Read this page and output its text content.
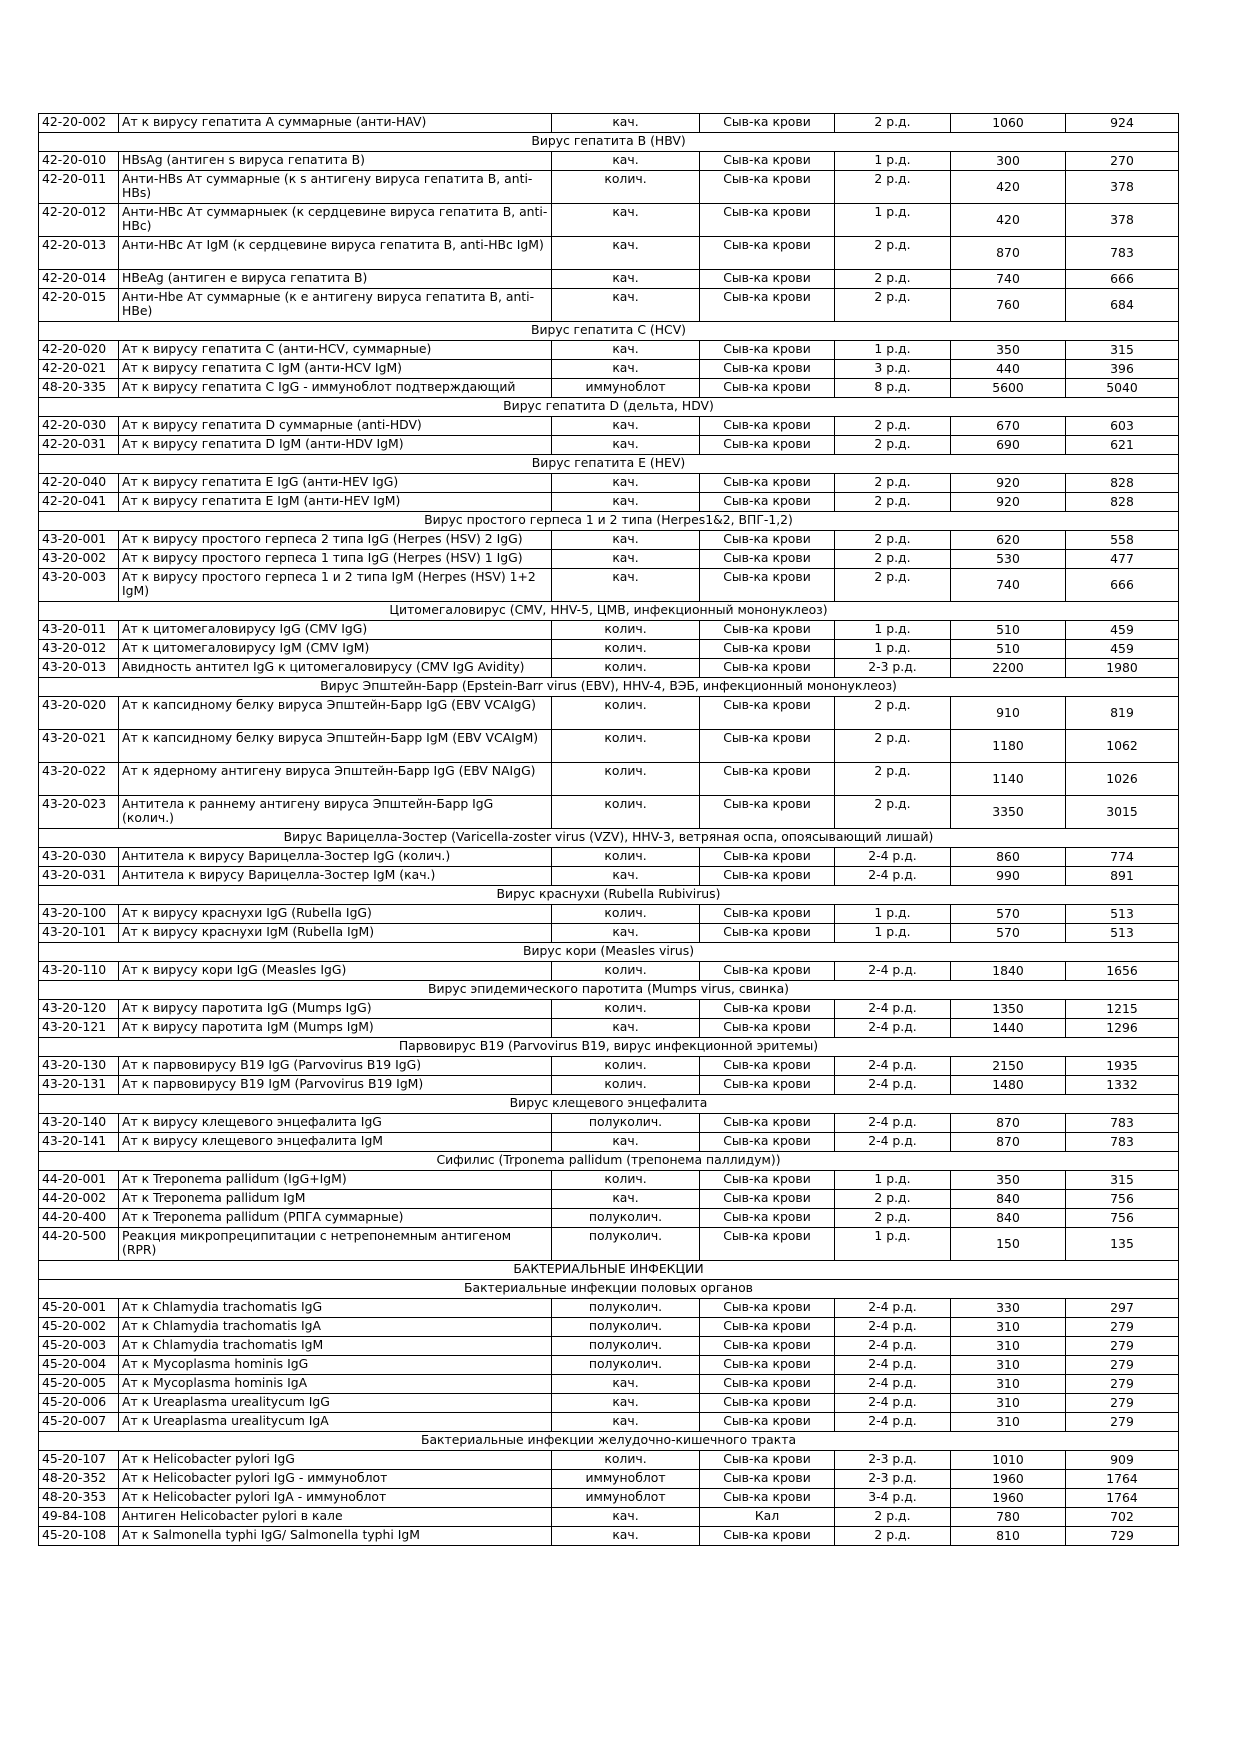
42-20-002	Ат к вирусу гепатита А суммарные (анти-HAV)	кач.	Сыв-ка крови	2 р.д.	1060	924
Вирус гепатита В (HBV)						
42-20-010	HBsAg (антиген s вируса гепатита В)	кач.	Сыв-ка крови	1 р.д.	300	270
42-20-011	Анти-HBs Ат суммарные (к s антигену вируса гепатита В, anti-HBs)	колич.	Сыв-ка крови	2 р.д.	420	378
42-20-012	Анти-HBc Ат суммарныек (к сердцевине вируса гепатита В, anti-HBc)	кач.	Сыв-ка крови	1 р.д.	420	378
42-20-013	Анти-HBc Ат IgM (к сердцевине вируса гепатита В, anti-HBc IgM)	кач.	Сыв-ка крови	2 р.д.	870	783
42-20-014	HBeAg (антиген е вируса гепатита В)	кач.	Сыв-ка крови	2 р.д.	740	666
42-20-015	Анти-Hbe Ат суммарные (к е антигену вируса гепатита В, anti-HBe)	кач.	Сыв-ка крови	2 р.д.	760	684
Вирус гепатита С (HCV)						
42-20-020	Ат к вирусу гепатита С (анти-HCV, суммарные)	кач.	Сыв-ка крови	1 р.д.	350	315
42-20-021	Ат к вирусу гепатита С IgM (анти-HCV IgM)	кач.	Сыв-ка крови	3 р.д.	440	396
48-20-335	Ат к вирусу гепатита С IgG - иммуноблот подтверждающий	иммуноблот	Сыв-ка крови	8 р.д.	5600	5040
Вирус гепатита D (дельта, HDV)						
42-20-030	Ат к вирусу гепатита D суммарные (anti-HDV)	кач.	Сыв-ка крови	2 р.д.	670	603
42-20-031	Ат к вирусу гепатита D IgM (анти-HDV IgM)	кач.	Сыв-ка крови	2 р.д.	690	621
Вирус гепатита Е (HEV)						
42-20-040	Ат к вирусу гепатита Е IgG (анти-HEV IgG)	кач.	Сыв-ка крови	2 р.д.	920	828
42-20-041	Ат к вирусу гепатита Е IgM (анти-HEV IgM)	кач.	Сыв-ка крови	2 р.д.	920	828
Вирус простого герпеса 1 и 2 типа (Herpes1&2, ВПГ-1,2)						
43-20-001	Ат к вирусу простого герпеса 2 типа IgG (Herpes (HSV) 2 IgG)	кач.	Сыв-ка крови	2 р.д.	620	558
43-20-002	Ат к вирусу простого герпеса 1 типа IgG (Herpes (HSV) 1 IgG)	кач.	Сыв-ка крови	2 р.д.	530	477
43-20-003	Ат к вирусу простого герпеса 1 и 2 типа IgM (Herpes (HSV) 1+2 IgM)	кач.	Сыв-ка крови	2 р.д.	740	666
Цитомегаловирус (CMV, HHV-5, ЦМВ, инфекционный мононуклеоз)						
43-20-011	Ат к цитомегаловирусу IgG (CMV IgG)	колич.	Сыв-ка крови	1 р.д.	510	459
43-20-012	Ат к цитомегаловирусу IgM (CMV IgM)	колич.	Сыв-ка крови	1 р.д.	510	459
43-20-013	Авидность антител IgG к цитомегаловирусу (CMV IgG Avidity)	колич.	Сыв-ка крови	2-3 р.д.	2200	1980
Вирус Эпштейн-Барр (Epstein-Barr virus (EBV), HHV-4, ВЭБ, инфекционный мононуклеоз)						
43-20-020	Ат к капсидному белку вируса Эпштейн-Барр IgG (EBV VCAIgG)	колич.	Сыв-ка крови	2 р.д.	910	819
43-20-021	Ат к капсидному белку вируса Эпштейн-Барр IgM (EBV VCAIgM)	колич.	Сыв-ка крови	2 р.д.	1180	1062
43-20-022	Ат к ядерному антигену вируса Эпштейн-Барр IgG (EBV NAIgG)	колич.	Сыв-ка крови	2 р.д.	1140	1026
43-20-023	Антитела к раннему антигену вируса Эпштейн-Барр IgG (колич.)	колич.	Сыв-ка крови	2 р.д.	3350	3015
Вирус Варицелла-Зостер (Varicella-zoster virus (VZV), HHV-3, ветряная оспа, опоясывающий лишай)						
43-20-030	Антитела к вирусу Варицелла-Зостер IgG (колич.)	колич.	Сыв-ка крови	2-4 р.д.	860	774
43-20-031	Антитела к вирусу Варицелла-Зостер IgM (кач.)	кач.	Сыв-ка крови	2-4 р.д.	990	891
Вирус краснухи (Rubella Rubivirus)						
43-20-100	Ат к вирусу краснухи IgG (Rubella IgG)	колич.	Сыв-ка крови	1 р.д.	570	513
43-20-101	Ат к вирусу краснухи IgM (Rubella IgM)	кач.	Сыв-ка крови	1 р.д.	570	513
Вирус кори (Measles virus)						
43-20-110	Ат к вирусу кори IgG (Measles IgG)	колич.	Сыв-ка крови	2-4 р.д.	1840	1656
Вирус эпидемического паротита (Mumps virus, свинка)						
43-20-120	Ат к вирусу паротита IgG (Mumps IgG)	колич.	Сыв-ка крови	2-4 р.д.	1350	1215
43-20-121	Ат к вирусу паротита IgM (Mumps IgM)	кач.	Сыв-ка крови	2-4 р.д.	1440	1296
Парвовирус В19 (Parvovirus B19, вирус инфекционной эритемы)						
43-20-130	Ат к парвовирусу В19 IgG (Parvovirus B19 IgG)	колич.	Сыв-ка крови	2-4 р.д.	2150	1935
43-20-131	Ат к парвовирусу В19 IgM (Parvovirus B19 IgM)	колич.	Сыв-ка крови	2-4 р.д.	1480	1332
Вирус клещевого энцефалита						
43-20-140	Ат к вирусу клещевого энцефалита IgG	полуколич.	Сыв-ка крови	2-4 р.д.	870	783
43-20-141	Ат к вирусу клещевого энцефалита IgM	кач.	Сыв-ка крови	2-4 р.д.	870	783
Сифилис (Trponema pallidum (трепонема паллидум))						
44-20-001	Ат к Treponema pallidum (IgG+IgM)	колич.	Сыв-ка крови	1 р.д.	350	315
44-20-002	Ат к Treponema pallidum IgM	кач.	Сыв-ка крови	2 р.д.	840	756
44-20-400	Ат к Treponema pallidum (РПГА суммарные)	полуколич.	Сыв-ка крови	2 р.д.	840	756
44-20-500	Реакция микропреципитации с нетрепонемным антигеном (RPR)	полуколич.	Сыв-ка крови	1 р.д.	150	135
БАКТЕРИАЛЬНЫЕ ИНФЕКЦИИ						
Бактериальные инфекции половых органов						
45-20-001	Ат к Chlamydia trachomatis IgG	полуколич.	Сыв-ка крови	2-4 р.д.	330	297
45-20-002	Ат к Chlamydia trachomatis IgA	полуколич.	Сыв-ка крови	2-4 р.д.	310	279
45-20-003	Ат к Chlamydia trachomatis IgM	полуколич.	Сыв-ка крови	2-4 р.д.	310	279
45-20-004	Ат к Mycoplasma hominis IgG	полуколич.	Сыв-ка крови	2-4 р.д.	310	279
45-20-005	Ат к Mycoplasma hominis IgA	кач.	Сыв-ка крови	2-4 р.д.	310	279
45-20-006	Ат к Ureaplasma urealitycum IgG	кач.	Сыв-ка крови	2-4 р.д.	310	279
45-20-007	Ат к Ureaplasma urealitycum IgA	кач.	Сыв-ка крови	2-4 р.д.	310	279
Бактериальные инфекции желудочно-кишечного тракта						
45-20-107	Ат к Helicobacter pylori IgG	колич.	Сыв-ка крови	2-3 р.д.	1010	909
48-20-352	Ат к Helicobacter pylori IgG - иммуноблот	иммуноблот	Сыв-ка крови	2-3 р.д.	1960	1764
48-20-353	Ат к Helicobacter pylori IgA - иммуноблот	иммуноблот	Сыв-ка крови	3-4 р.д.	1960	1764
49-84-108	Антиген Helicobacter pylori в кале	кач.	Кал	2 р.д.	780	702
45-20-108	Ат к Salmonella typhi IgG/ Salmonella typhi IgM	кач.	Сыв-ка крови	2 р.д.	810	729
